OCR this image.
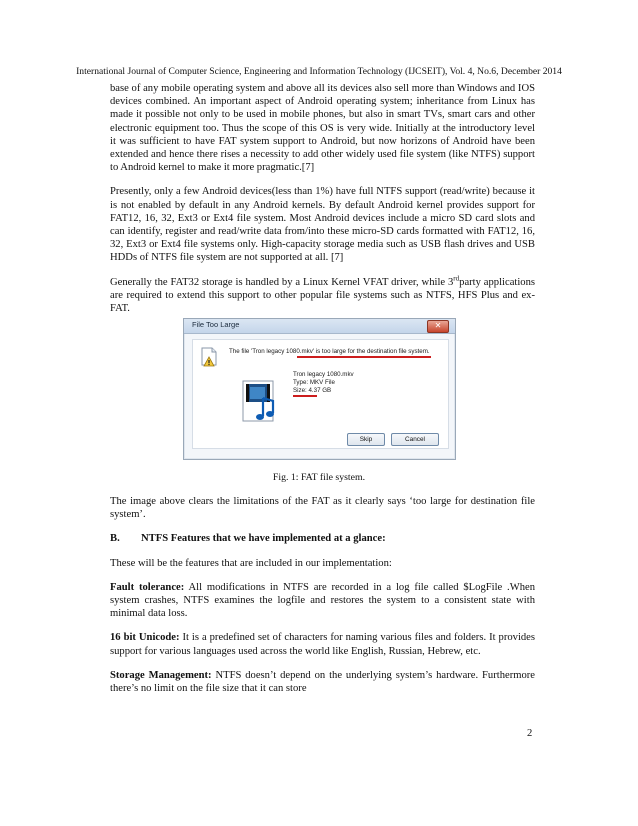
International Journal of Computer Science, Engineering and Information Technology (IJCSEIT), Vol. 4, No.6, December 2014

base of any mobile operating system and above all its devices also sell more than Windows and IOS devices combined. An important aspect of Android operating system; inheritance from Linux has made it possible not only to be used in mobile phones, but also in smart TVs, smart cars and other electronic equipment too. Thus the scope of this OS is very wide. Initially at the introductory level it was sufficient to have FAT system support to Android, but now horizons of Android have been extended and hence there rises a necessity to add other widely used file system (like NTFS) support to Android kernel to make it more pragmatic.[7]

Presently, only a few Android devices(less than 1%) have full NTFS support (read/write) because it is not enabled by default in any Android kernels. By default Android kernel provides support for FAT12, 16, 32, Ext3 or Ext4 file system. Most Android devices include a micro SD card slots and can identify, register and read/write data from/into these micro-SD cards formatted with FAT12, 16, 32, Ext3 or Ext4 file systems only. High-capacity storage media such as USB flash drives and USB HDDs of NTFS file system are not supported at all. [7]

Generally the FAT32 storage is handled by a Linux Kernel VFAT driver, while 3rdparty applications are required to extend this support to other popular file systems such as NTFS, HFS Plus and ex-FAT.

File Too Large	✕
The file 'Tron legacy 1080.mkv' is too large for the destination file system.
Tron legacy 1080.mkv
Type: MKV File
Size: 4.37 GB
Skip	Cancel
Fig. 1: FAT file system.

The image above clears the limitations of the FAT as it clearly says ‘too large for destination file system’.

B. NTFS Features that we have implemented at a glance:

These will be the features that are included in our implementation:

Fault tolerance: All modifications in NTFS are recorded in a log file called $LogFile .When system crashes, NTFS examines the logfile and restores the system to a consistent state with minimal data loss.

16 bit Unicode: It is a predefined set of characters for naming various files and folders. It provides support for various languages used across the world like English, Russian, Hebrew, etc.

Storage Management: NTFS doesn’t depend on the underlying system’s hardware. Furthermore there’s no limit on the file size that it can store

2
